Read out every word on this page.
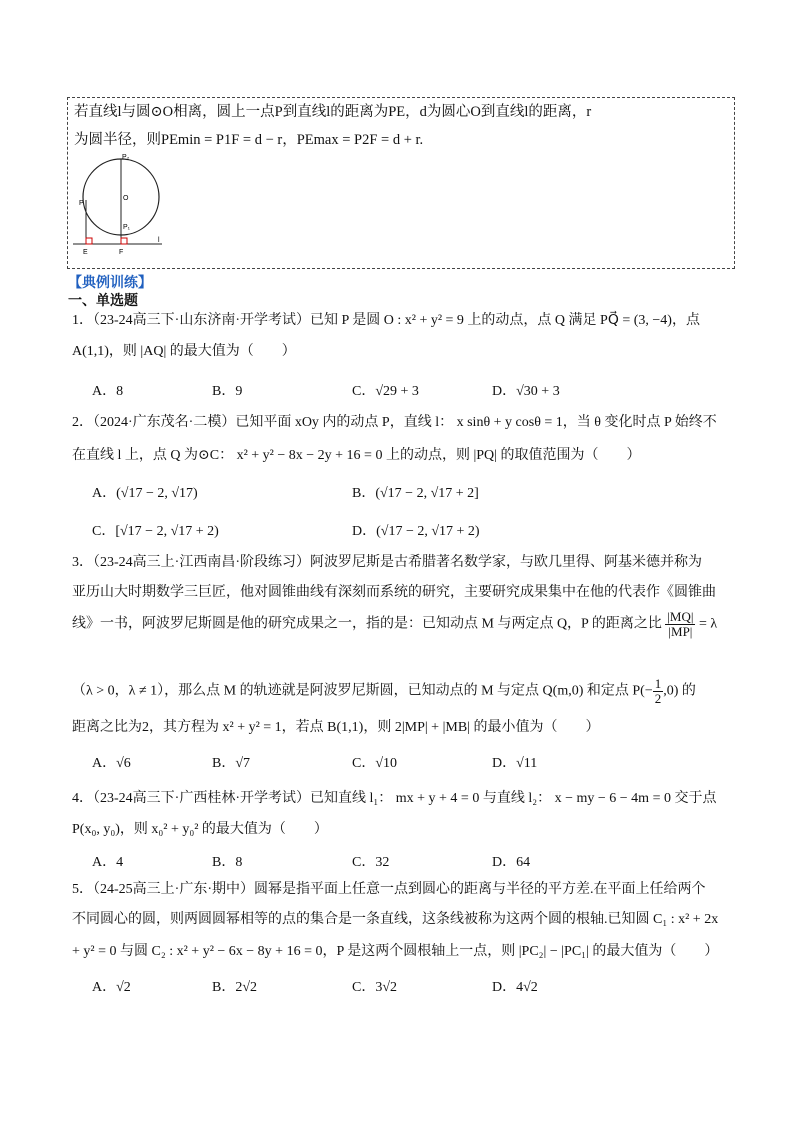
若直线l与圆⊙O相离，圆上一点P到直线l的距离为PE，d为圆心O到直线l的距离，r
为圆半径，则PEmin = P1F = d − r，PEmax = P2F = d + r.
P₂
O
P
P₁
E	F
l
【典例训练】
一、单选题
1．（23-24高三下·山东济南·开学考试）已知 P 是圆 O : x² + y² = 9 上的动点，点 Q 满足 PQ⃗ = (3, −4)，点
A(1,1)，则 |AQ| 的最大值为（　　）
A．8	B．9	C．√29 + 3	D．√30 + 3
2．（2024·广东茂名·二模）已知平面 xOy 内的动点 P，直线 l： x sinθ + y cosθ = 1，当 θ 变化时点 P 始终不
在直线 l 上，点 Q 为⊙C： x² + y² − 8x − 2y + 16 = 0 上的动点，则 |PQ| 的取值范围为（　　）
A．(√17 − 2, √17)	B．(√17 − 2, √17 + 2]
C．[√17 − 2, √17 + 2)	D．(√17 − 2, √17 + 2)
3．（23-24高三上·江西南昌·阶段练习）阿波罗尼斯是古希腊著名数学家，与欧几里得、阿基米德并称为
亚历山大时期数学三巨匠，他对圆锥曲线有深刻而系统的研究，主要研究成果集中在他的代表作《圆锥曲
线》一书，阿波罗尼斯圆是他的研究成果之一，指的是：已知动点 M 与两定点 Q，P 的距离之比 $\frac{|MQ|}{|MP|} = \lambda$
（λ > 0，λ ≠ 1），那么点 M 的轨迹就是阿波罗尼斯圆，已知动点的 M 与定点 Q(m,0) 和定点 $P(- \frac{1}{2} ,0)$ 的
距离之比为2，其方程为 x² + y² = 1，若点 B(1,1)，则 2|MP| + |MB| 的最小值为（　　）
A．√6	B．√7	C．√10	D．√11
4．（23-24高三下·广西桂林·开学考试）已知直线 l₁： mx + y + 4 = 0 与直线 l₂： x − my − 6 − 4m = 0 交于点
P(x₀, y₀)，则 x₀² + y₀² 的最大值为（　　）
A．4	B．8	C．32	D．64
5．（24-25高三上·广东·期中）圆幂是指平面上任意一点到圆心的距离与半径的平方差.在平面上任给两个
不同圆心的圆，则两圆圆幂相等的点的集合是一条直线，这条线被称为这两个圆的根轴.已知圆 C₁ : x² + 2x
+ y² = 0 与圆 C₂ : x² + y² − 6x − 8y + 16 = 0，P 是这两个圆根轴上一点，则 |PC₂| − |PC₁| 的最大值为（　　）
A．√2	B．2√2	C．3√2	D．4√2
